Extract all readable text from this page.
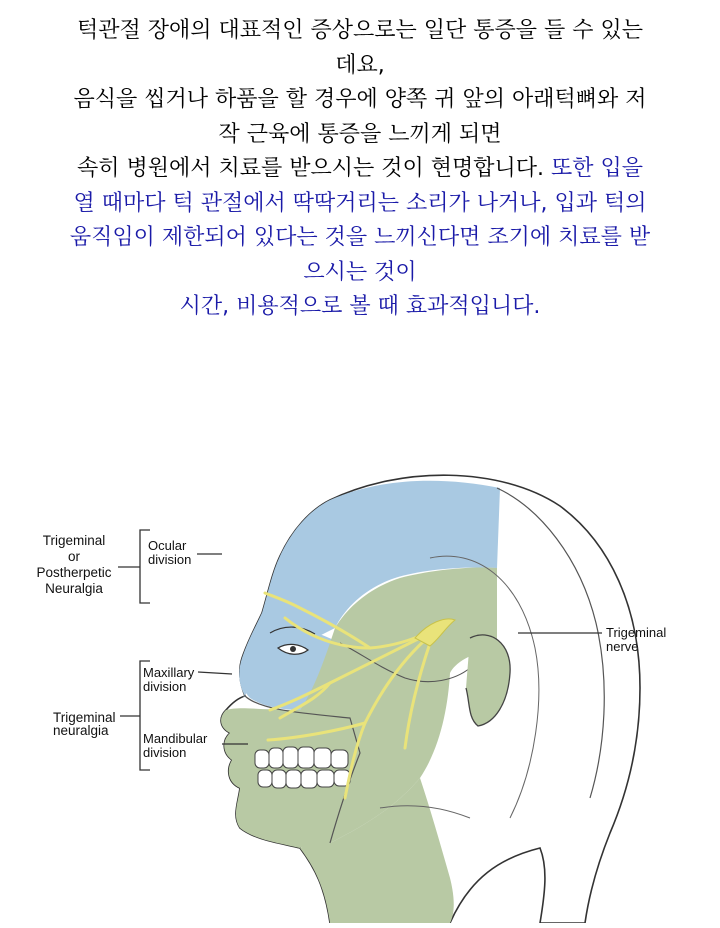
턱관절 장애의 대표적인 증상으로는 일단 통증을 들 수 있는
데요,
음식을 씹거나 하품을 할 경우에 양쪽 귀 앞의 아래턱뼈와 저
작 근육에 통증을 느끼게 되면
속히 병원에서 치료를 받으시는 것이 현명합니다. 또한 입을
열 때마다 턱 관절에서 딱딱거리는 소리가 나거나, 입과 턱의
움직임이 제한되어 있다는 것을 느끼신다면 조기에 치료를 받
으시는 것이
시간, 비용적으로 볼 때 효과적입니다.
Trigeminal
or
Postherpetic
Neuralgia
Trigeminal
neuralgia
Ocular
division
Maxillary
division
Mandibular
division
Trigeminal
nerve
